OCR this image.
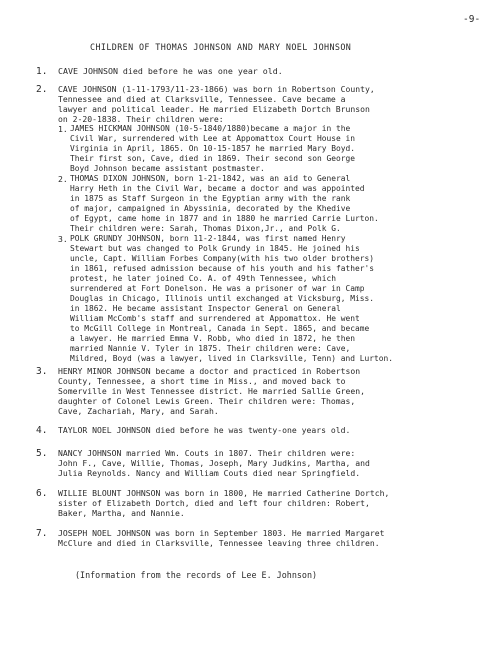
-9-
CHILDREN OF THOMAS JOHNSON AND MARY NOEL JOHNSON
1. CAVE JOHNSON died before he was one year old.
2. CAVE JOHNSON (1-11-1793/11-23-1866) was born in Robertson County,
Tennessee and died at Clarksville, Tennessee. Cave became a
lawyer and political leader. He married Elizabeth Dortch Brunson
on 2-20-1838. Their children were:
1. JAMES HICKMAN JOHNSON (10-5-1840/1880)became a major in the
Civil War, surrendered with Lee at Appomattox Court House in
Virginia in April, 1865. On 10-15-1857 he married Mary Boyd.
Their first son, Cave, died in 1869. Their second son George
Boyd Johnson became assistant postmaster.
2. THOMAS DIXON JOHNSON, born 1-21-1842, was an aid to General
Harry Heth in the Civil War, became a doctor and was appointed
in 1875 as Staff Surgeon in the Egyptian army with the rank
of major, campaigned in Abyssinia, decorated by the Khedive
of Egypt, came home in 1877 and in 1880 he married Carrie Lurton.
Their children were: Sarah, Thomas Dixon,Jr., and Polk G.
3. POLK GRUNDY JOHNSON, born 11-2-1844, was first named Henry
Stewart but was changed to Polk Grundy in 1845. He joined his
uncle, Capt. William Forbes Company(with his two older brothers)
in 1861, refused admission because of his youth and his father's
protest, he later joined Co. A. of 49th Tennessee, which
surrendered at Fort Donelson. He was a prisoner of war in Camp
Douglas in Chicago, Illinois until exchanged at Vicksburg, Miss.
in 1862. He became assistant Inspector General on General
William McComb's staff and surrendered at Appomattox. He went
to McGill College in Montreal, Canada in Sept. 1865, and became
a lawyer. He married Emma V. Robb, who died in 1872, he then
married Nannie V. Tyler in 1875. Their children were: Cave,
Mildred, Boyd (was a lawyer, lived in Clarksville, Tenn) and Lurton.
3. HENRY MINOR JOHNSON became a doctor and practiced in Robertson
County, Tennessee, a short time in Miss., and moved back to
Somerville in West Tennessee district. He married Sallie Green,
daughter of Colonel Lewis Green. Their children were: Thomas,
Cave, Zachariah, Mary, and Sarah.
4. TAYLOR NOEL JOHNSON died before he was twenty-one years old.
5. NANCY JOHNSON married Wm. Couts in 1807. Their children were:
John F., Cave, Willie, Thomas, Joseph, Mary Judkins, Martha, and
Julia Reynolds. Nancy and William Couts died near Springfield.
6. WILLIE BLOUNT JOHNSON was born in 1800, He married Catherine Dortch,
sister of Elizabeth Dortch, died and left four children: Robert,
Baker, Martha, and Nannie.
7. JOSEPH NOEL JOHNSON was born in September 1803. He married Margaret
McClure and died in Clarksville, Tennessee leaving three children.
(Information from the records of Lee E. Johnson)
